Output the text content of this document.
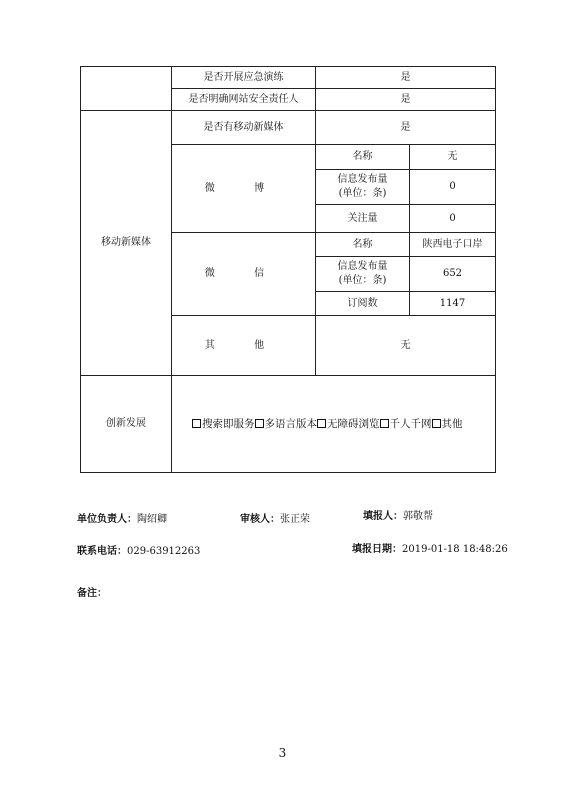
	是否开展应急演练	是	
	是否明确网站安全责任人	是	
移动新媒体	是否有移动新媒体	是	
	微 博	名称	无

		信息发布量
(单位：条)	0
		关注量	0
	微 信	名称	陕西电子口岸

		信息发布量
(单位：条)	652
		订阅数	1147
	其 他	无	
创新发展	搜索即服务 多语言版本 无障碍浏览 千人千网 其他		
单位负责人：陶绍卿	审核人：张正荣	填报人：郭敬帮
联系电话：029-63912263	填报日期：2019-01-18 18:48:26
备注：
3
